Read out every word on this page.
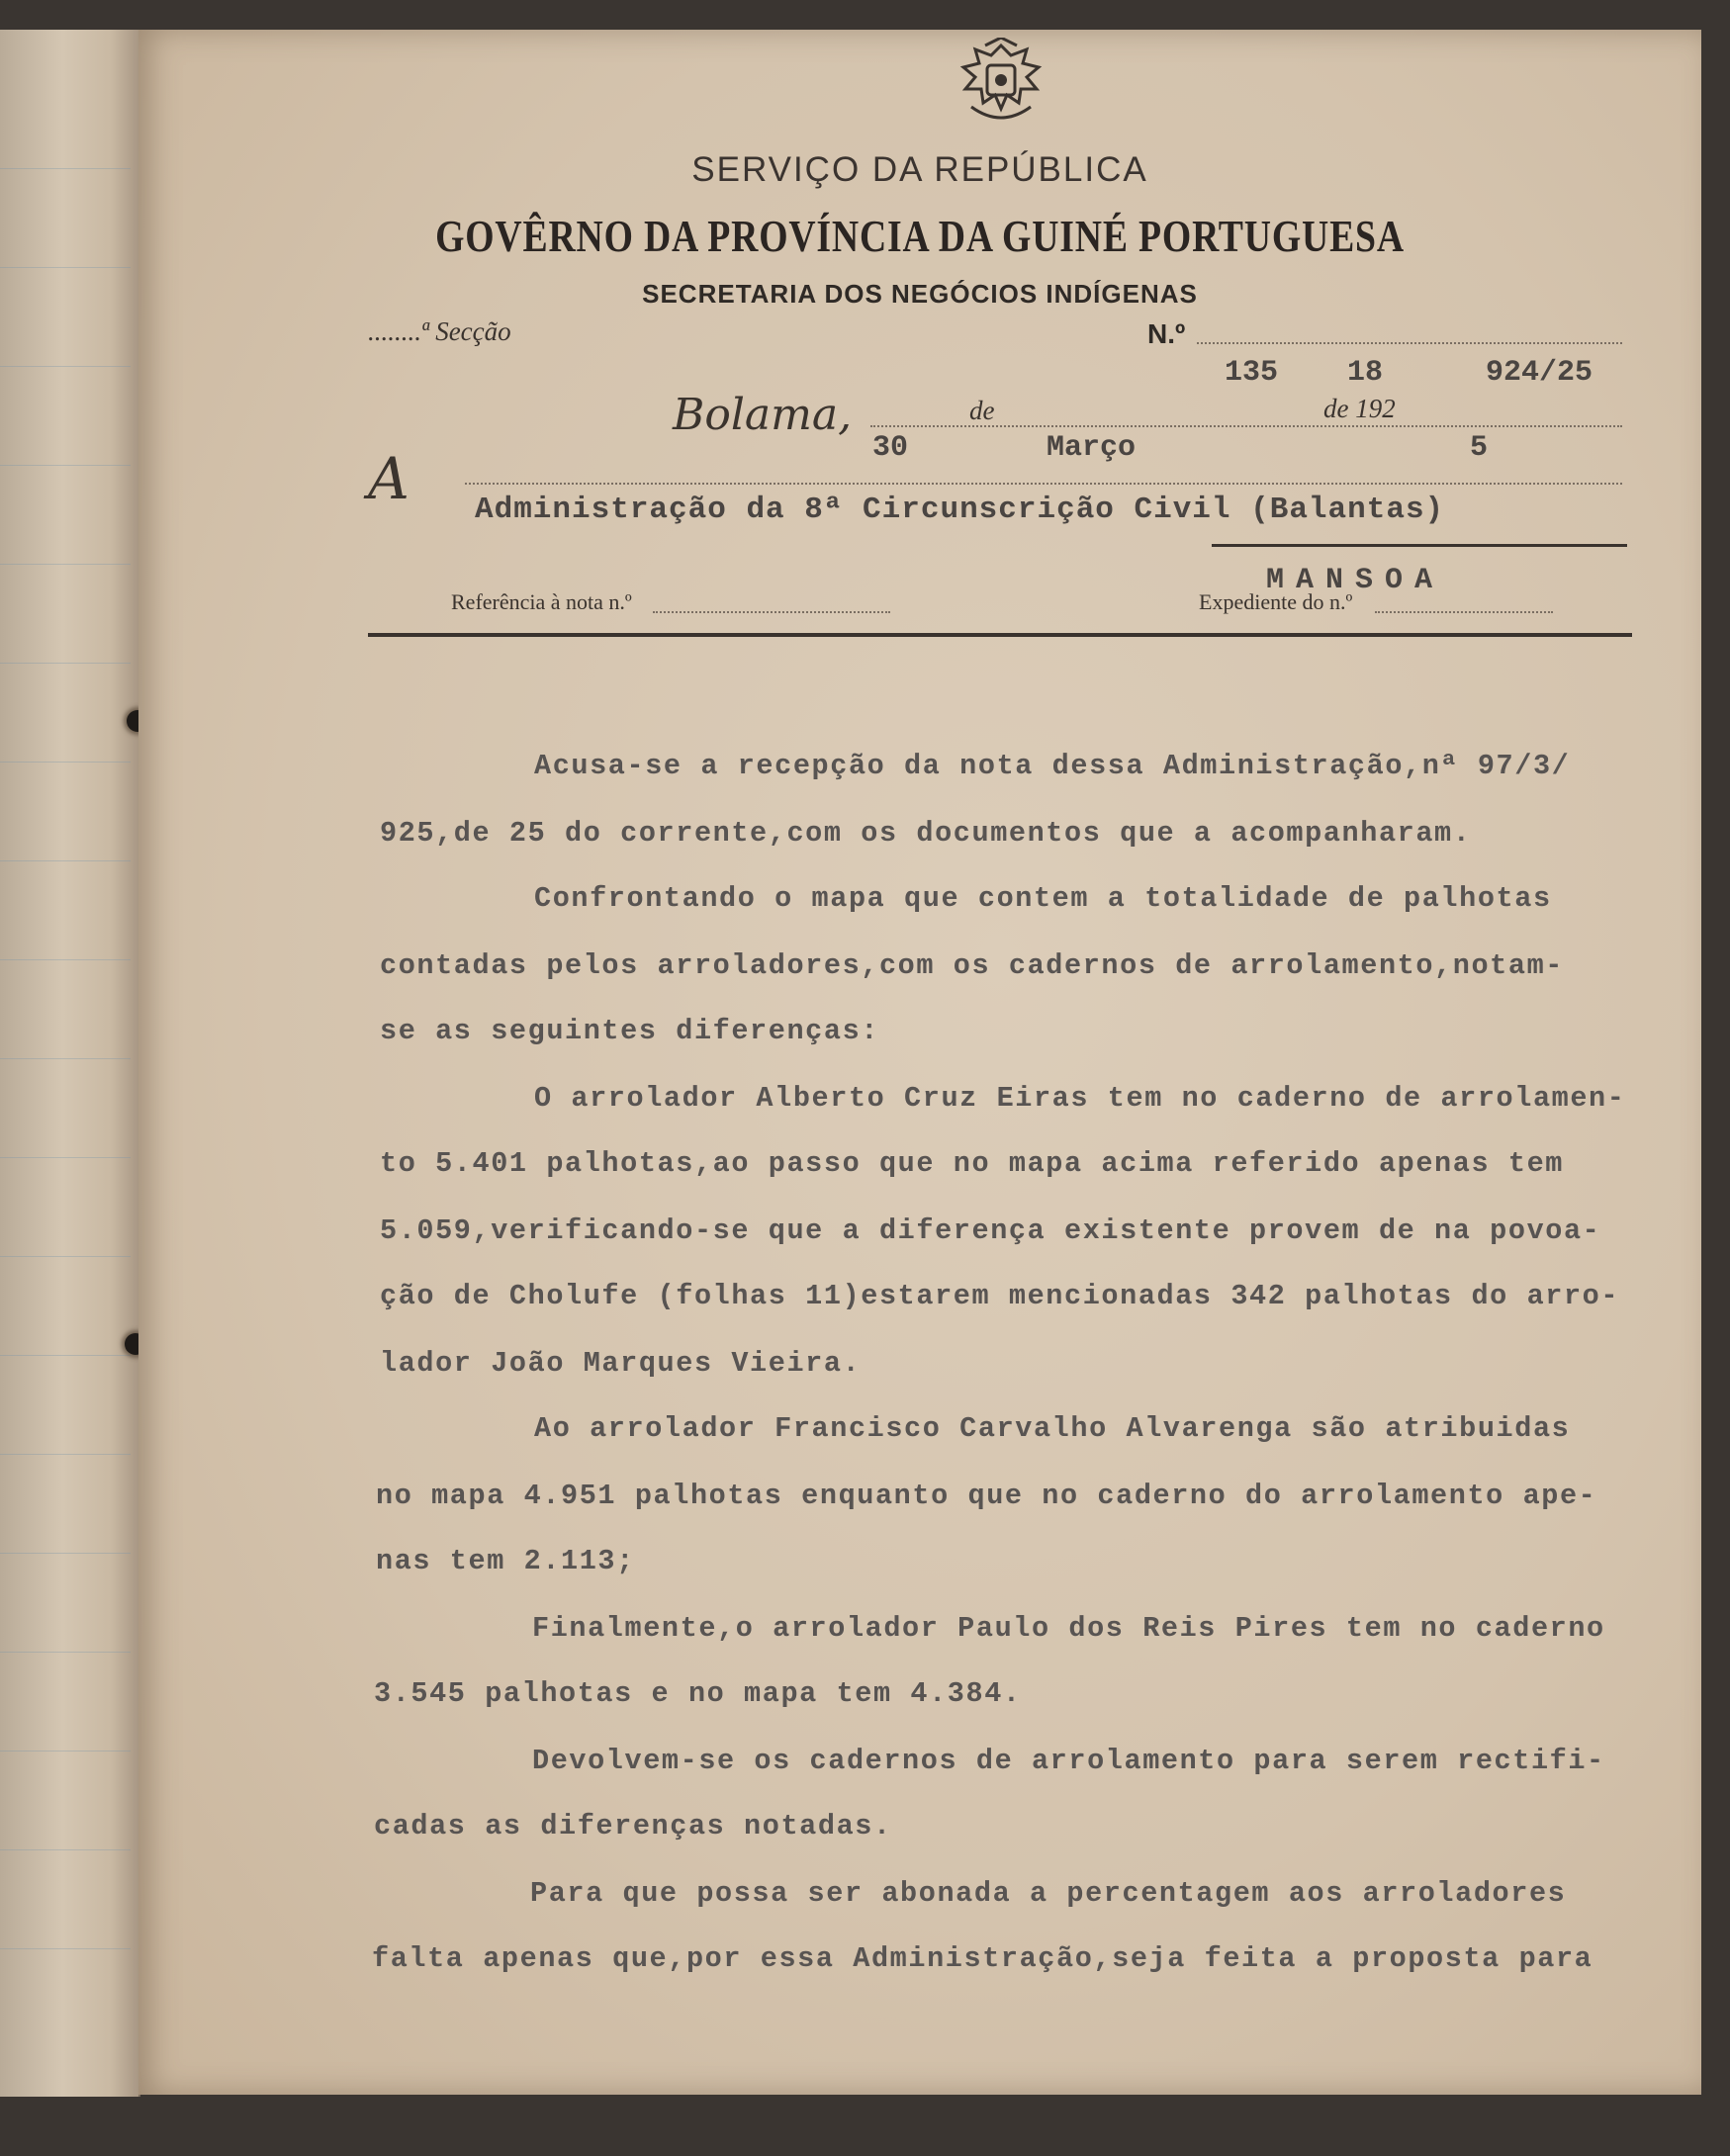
SERVIÇO DA REPÚBLICA
GOVÊRNO DA PROVÍNCIA DA GUINÉ PORTUGUESA
SECRETARIA DOS NEGÓCIOS INDÍGENAS
........ª Secção	N.º
135 18	924/25
Bolama,	de	de 192
30	Março	5
A Administração da 8ª Circunscrição Civil (Balantas)
Referência à nota n.º	Expediente do n.º
MANSOA
Acusa-se a recepção da nota dessa Administração,nª 97/3/
925,de 25 do corrente,com os documentos que a acompanharam.
Confrontando o mapa que contem a totalidade de palhotas
contadas pelos arroladores,com os cadernos de arrolamento,notam-
se as seguintes diferenças:
O arrolador Alberto Cruz Eiras tem no caderno de arrolamen-
to 5.401 palhotas,ao passo que no mapa acima referido apenas tem
5.059,verificando-se que a diferença existente provem de na povoa-
ção de Cholufe (folhas 11)estarem mencionadas 342 palhotas do arro-
lador João Marques Vieira.
Ao arrolador Francisco Carvalho Alvarenga são atribuidas
no mapa 4.951 palhotas enquanto que no caderno do arrolamento ape-
nas tem 2.113;
Finalmente,o arrolador Paulo dos Reis Pires tem no caderno
3.545 palhotas e no mapa tem 4.384.
Devolvem-se os cadernos de arrolamento para serem rectifi-
cadas as diferenças notadas.
Para que possa ser abonada a percentagem aos arroladores
falta apenas que,por essa Administração,seja feita a proposta para
